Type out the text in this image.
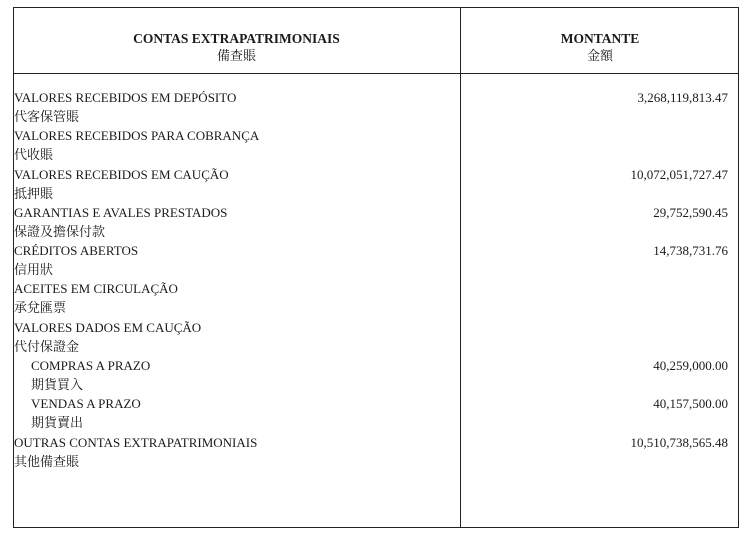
CONTAS EXTRAPATRIMONIAIS
備查賬
MONTANTE
金額
VALORES RECEBIDOS EM DEPÓSITO
代客保管賬
3,268,119,813.47
VALORES RECEBIDOS PARA COBRANÇA
代收賬
VALORES RECEBIDOS EM CAUÇÃO
抵押賬
10,072,051,727.47
GARANTIAS E AVALES PRESTADOS
保證及擔保付款
29,752,590.45
CRÉDITOS ABERTOS
信用狀
14,738,731.76
ACEITES EM CIRCULAÇÃO
承兌匯票
VALORES DADOS EM CAUÇÃO
代付保證金
COMPRAS A PRAZO
期貨買入
40,259,000.00
VENDAS A PRAZO
期貨賣出
40,157,500.00
OUTRAS CONTAS EXTRAPATRIMONIAIS
其他備查賬
10,510,738,565.48
